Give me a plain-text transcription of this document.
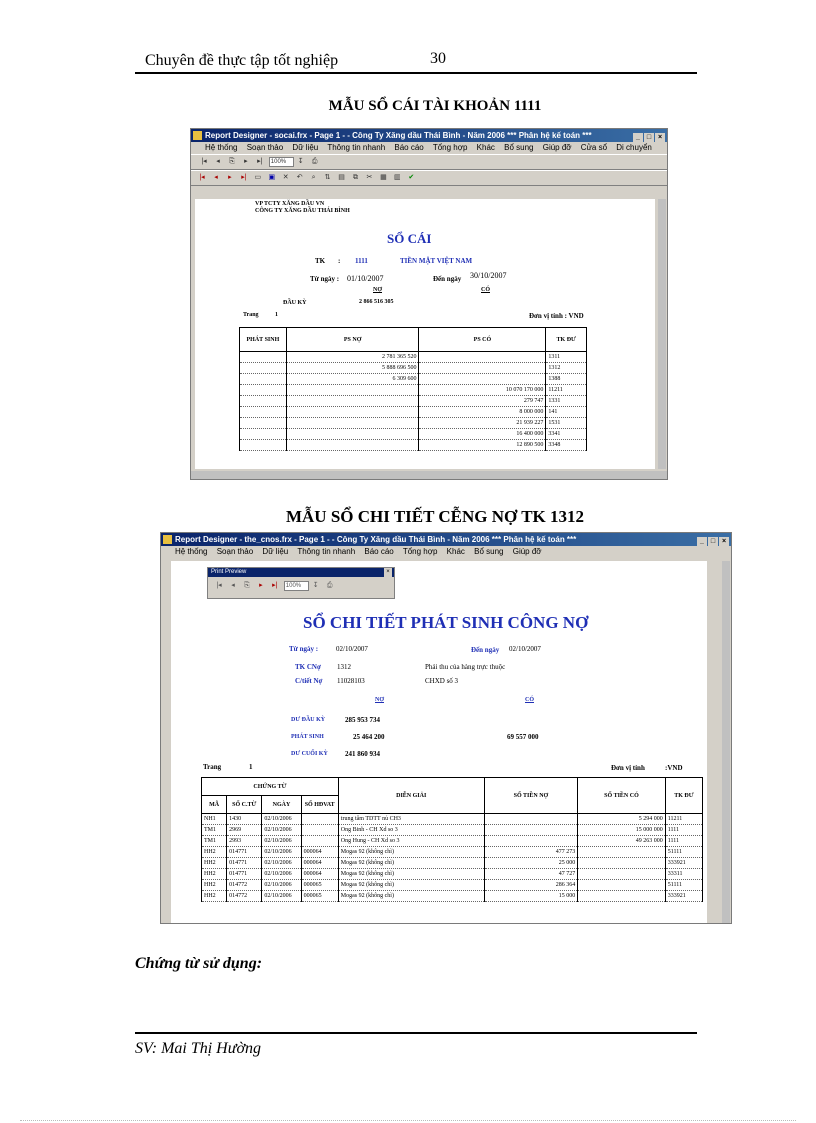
Chuyên đề thực tập tốt nghiệp	30
MẪU SỔ CÁI TÀI KHOẢN 1111
Report Designer - socai.frx - Page 1 - - Công Ty Xăng dầu Thái Bình - Năm 2006 *** Phân hệ kế toán ***	_ □ ×
Hệ thống Soạn thảo Dữ liệu Thông tin nhanh Báo cáo Tổng hợp Khác Bổ sung Giúp đỡ Cửa sổ Di chuyển
|◂ ◂ ⎘ ▸ ▸| 100% ↧ ⎙
|◂ ◂ ▸ ▸| ▭ ▣ ✕ ↶ ⌕ ⇅ ▤ ⧉ ✂ ▦ ▥ ✔
VP TCTY XĂNG DẦU VN
CÔNG TY XĂNG DẦU THÁI BÌNH
SỔ CÁI
TK : 1111	TIỀN MẶT VIỆT NAM
Từ ngày : 01/10/2007	Đến ngày 30/10/2007
NỢ	CÓ
ĐẦU KỲ	2 866 516 305
Trang	1	Đơn vị tính : VND
PHÁT SINH	PS NỢ	PS CÓ	TK ĐƯ
	2 781 365 520		1311
	5 888 696 500		1312
	6 309 600		1388
		10 070 170 000	11211
		279 747	1331
		8 000 000	141
		21 939 227	1531
		16 400 000	3341
		12 890 500	3348
MẪU SỔ CHI TIẾT CỄNG NỢ TK 1312
Report Designer - the_cnos.frx - Page 1 - - Công Ty Xăng dầu Thái Bình - Năm 2006 *** Phân hệ kế toán ***	_ □ ×
Hệ thống Soạn thảo Dữ liệu Thông tin nhanh Báo cáo Tổng hợp Khác Bổ sung Giúp đỡ
Print Preview	×
|◂ ◂ ⎘ ▸ ▸| 100% ↧ ⎙
SỔ CHI TIẾT PHÁT SINH CÔNG NỢ
Từ ngày :	02/10/2007	Đến ngày 02/10/2007
TK CNợ 1312	Phải thu của hàng trực thuộc
C/tiết Nợ 11028103	CHXD số 3
NỢ	CÓ
DƯ ĐẦU KỲ	285 953 734
PHÁT SINH	25 464 200	69 557 000
DƯ CUỐI KỲ 241 860 934
Trang	1	Đơn vị tính	:VND
CHỨNG TỪ				DIỄN GIẢI	SỐ TIỀN NỢ	SỐ TIỀN CÓ	TK ĐƯ
MÃ	SỐ C.TỪ	NGÀY	SỐ HĐVAT				
NH1	1430	02/10/2006		trung tâm TDTT nủ CH3		5 294 000	11211
TM1	2969	02/10/2006		Ong Binh - CH Xd so 3		15 000 000	1111
TM1	2993	02/10/2006		Ong Hung - CH Xd so 3		49 263 000	1111
HH2	014771	02/10/2006	000064	Mogas 92 (không chì)	477 273		51111
HH2	014771	02/10/2006	000064	Mogas 92 (không chì)	25 000		333921
HH2	014771	02/10/2006	000064	Mogas 92 (không chì)	47 727		33311
HH2	014772	02/10/2006	000065	Mogas 92 (không chì)	286 364		51111
HH2	014772	02/10/2006	000065	Mogas 92 (không chì)	15 000		333921
Chứng từ sử dụng:
SV: Mai Thị Hường
